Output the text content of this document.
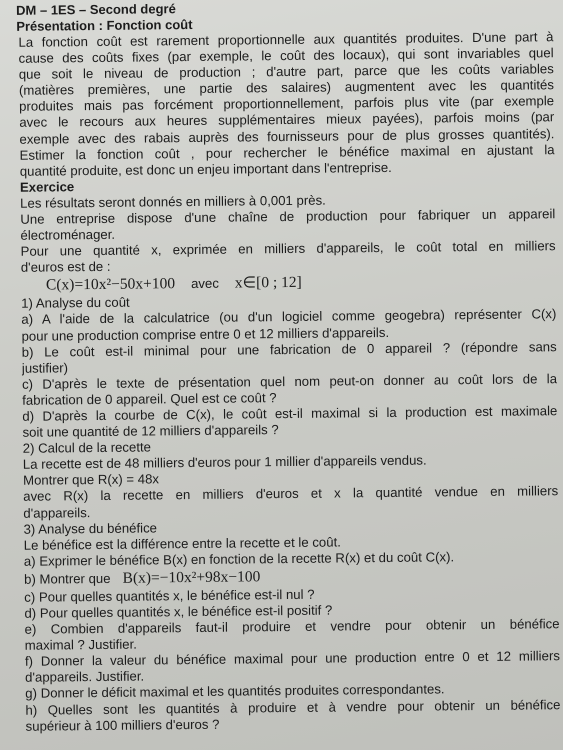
DM – 1ES – Second degré
Présentation : Fonction coût
La fonction coût est rarement proportionnelle aux quantités produites. D'une part à
cause des coûts fixes (par exemple, le coût des locaux), qui sont invariables quel
que soit le niveau de production ; d'autre part, parce que les coûts variables
(matières premières, une partie des salaires) augmentent avec les quantités
produites mais pas forcément proportionnellement, parfois plus vite (par exemple
avec le recours aux heures supplémentaires mieux payées), parfois moins (par
exemple avec des rabais auprès des fournisseurs pour de plus grosses quantités).
Estimer la fonction coût , pour rechercher le bénéfice maximal en ajustant la
quantité produite, est donc un enjeu important dans l'entreprise.
Exercice
Les résultats seront donnés en milliers à 0,001 près.
Une entreprise dispose d'une chaîne de production pour fabriquer un appareil
électroménager.
Pour une quantité x, exprimée en milliers d'appareils, le coût total en milliers
d'euros est de :
C(x)=10x²−50x+100 avec x∈[0 ; 12]
1) Analyse du coût
a) A l'aide de la calculatrice (ou d'un logiciel comme geogebra) représenter C(x)
pour une production comprise entre 0 et 12 milliers d'appareils.
b) Le coût est-il minimal pour une fabrication de 0 appareil ? (répondre sans
justifier)
c) D'après le texte de présentation quel nom peut-on donner au coût lors de la
fabrication de 0 appareil. Quel est ce coût ?
d) D'après la courbe de C(x), le coût est-il maximal si la production est maximale
soit une quantité de 12 milliers d'appareils ?
2) Calcul de la recette
La recette est de 48 milliers d'euros pour 1 millier d'appareils vendus.
Montrer que R(x) = 48x
avec R(x) la recette en milliers d'euros et x la quantité vendue en milliers
d'appareils.
3) Analyse du bénéfice
Le bénéfice est la différence entre la recette et le coût.
a) Exprimer le bénéfice B(x) en fonction de la recette R(x) et du coût C(x).
b) Montrer que B(x)=−10x²+98x−100
c) Pour quelles quantités x, le bénéfice est-il nul ?
d) Pour quelles quantités x, le bénéfice est-il positif ?
e) Combien d'appareils faut-il produire et vendre pour obtenir un bénéfice
maximal ? Justifier.
f) Donner la valeur du bénéfice maximal pour une production entre 0 et 12 milliers
d'appareils. Justifier.
g) Donner le déficit maximal et les quantités produites correspondantes.
h) Quelles sont les quantités à produire et à vendre pour obtenir un bénéfice
supérieur à 100 milliers d'euros ?
